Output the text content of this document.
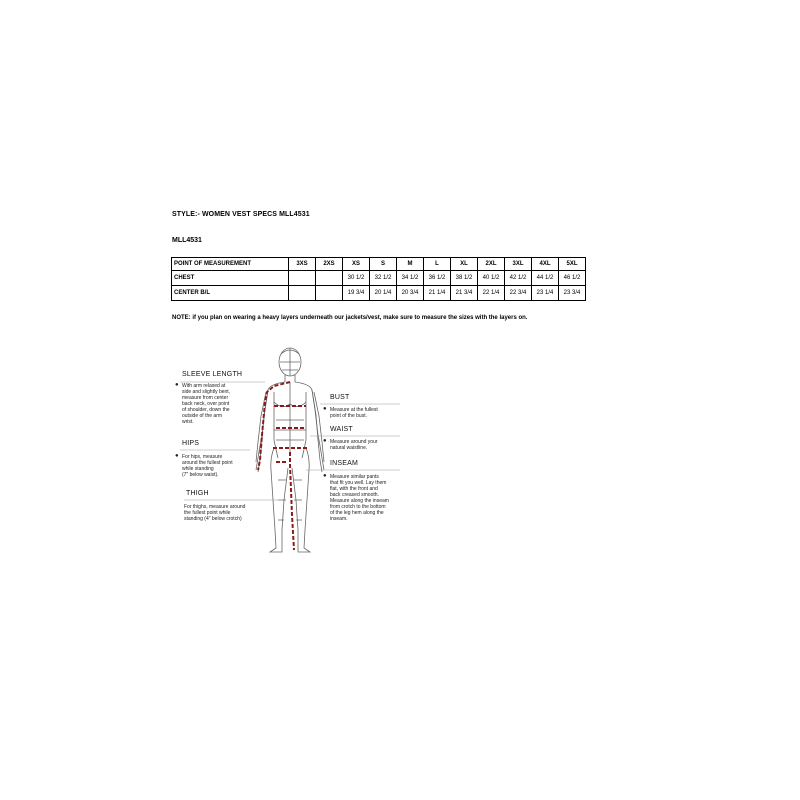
STYLE:- WOMEN VEST SPECS MLL4531
MLL4531
POINT OF MEASUREMENT	3XS	2XS	XS	S	M	L	XL	2XL	3XL	4XL	5XL
CHEST			30 1/2	32 1/2	34 1/2	36 1/2	38 1/2	40 1/2	42 1/2	44 1/2	46 1/2
CENTER B/L			19 3/4	20 1/4	20 3/4	21 1/4	21 3/4	22 1/4	22 3/4	23 1/4	23 3/4
NOTE: if you plan on wearing a heavy layers underneath our jackets/vest, make sure to measure the sizes with the layers on.
SLEEVE LENGTH
● With arm relaxed at
side and slightly bent,
measure from center
back neck, over point
of shoulder, down the
outside of the arm
wrist.
HIPS
● For hips, measure
around the fullest point
while standing
(7" below waist).
THIGH
For thighs, measure around
the fullest point while
standing (4" below crotch)
BUST
● Measure at the fullest
point of the bust.
WAIST
● Measure around your
natural waistline.
INSEAM
● Measure similar pants
that fit you well. Lay them
flat, with the front and
back creased smooth.
Measure along the inseam
from crotch to the bottom
of the leg hem along the
inseam.
